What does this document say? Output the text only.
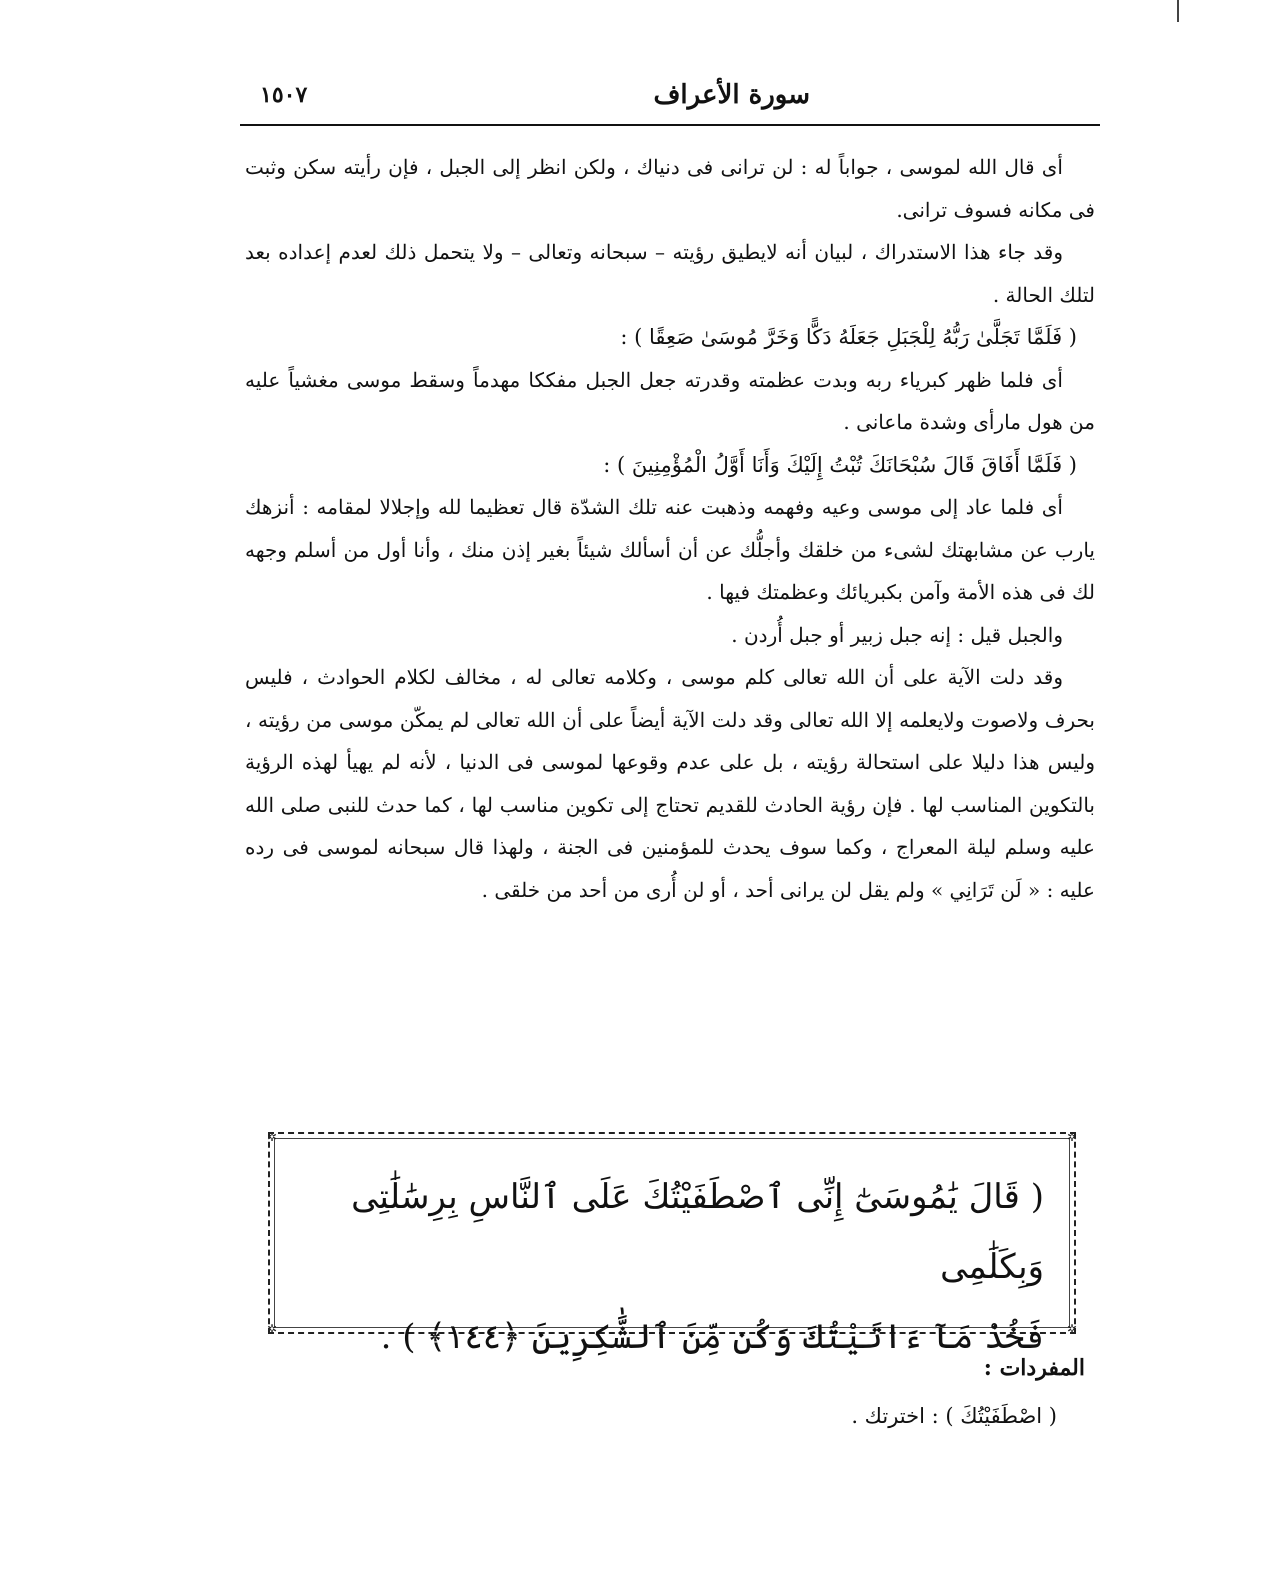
سورة الأعراف
١٥٠٧

أى قال الله لموسى ، جواباً له : لن ترانى فى دنياك ، ولكن انظر إلى الجبل ، فإن رأيته سكن وثبت فى مكانه فسوف ترانى.

وقد جاء هذا الاستدراك ، لبيان أنه لايطيق رؤيته – سبحانه وتعالى – ولا يتحمل ذلك لعدم إعداده بعد لتلك الحالة .

( فَلَمَّا تَجَلَّىٰ رَبُّهُ لِلْجَبَلِ جَعَلَهُ دَكًّا وَخَرَّ مُوسَىٰ صَعِقًا ) :

أى فلما ظهر كبرياء ربه وبدت عظمته وقدرته جعل الجبل مفككا مهدماً وسقط موسى مغشياً عليه من هول مارأى وشدة ماعانى .

( فَلَمَّا أَفَاقَ قَالَ سُبْحَانَكَ تُبْتُ إِلَيْكَ وَأَنَا أَوَّلُ الْمُؤْمِنِينَ ) :

أى فلما عاد إلى موسى وعيه وفهمه وذهبت عنه تلك الشدّة قال تعظيما لله وإجلالا لمقامه : أنزهك يارب عن مشابهتك لشىء من خلقك وأجلُّك عن أن أسألك شيئاً بغير إذن منك ، وأنا أول من أسلم وجهه لك فى هذه الأمة وآمن بكبريائك وعظمتك فيها .

والجبل قيل : إنه جبل زبير أو جبل أُردن .

وقد دلت الآية على أن الله تعالى كلم موسى ، وكلامه تعالى له ، مخالف لكلام الحوادث ، فليس بحرف ولاصوت ولايعلمه إلا الله تعالى وقد دلت الآية أيضاً على أن الله تعالى لم يمكّن موسى من رؤيته ، وليس هذا دليلا على استحالة رؤيته ، بل على عدم وقوعها لموسى فى الدنيا ، لأنه لم يهيأ لهذه الرؤية بالتكوين المناسب لها . فإن رؤية الحادث للقديم تحتاج إلى تكوين مناسب لها ، كما حدث للنبى صلى الله عليه وسلم ليلة المعراج ، وكما سوف يحدث للمؤمنين فى الجنة ، ولهذا قال سبحانه لموسى فى رده عليه : « لَن تَرَانِي » ولم يقل لن يرانى أحد ، أو لن أُرى من أحد من خلقى .

✲	✲
✲	✲

( قَالَ يَٰمُوسَىٰٓ إِنِّى ٱصْطَفَيْتُكَ عَلَى ٱلنَّاسِ بِرِسَٰلَٰتِى وَبِكَلَٰمِى

فَخُذْ مَآ ءَاتَيْتُكَ وَكُن مِّنَ ٱلشَّٰكِرِينَ ﴿١٤٤﴾ ) .

المفردات :
( اصْطَفَيْتُكَ ) : اخترتك .
